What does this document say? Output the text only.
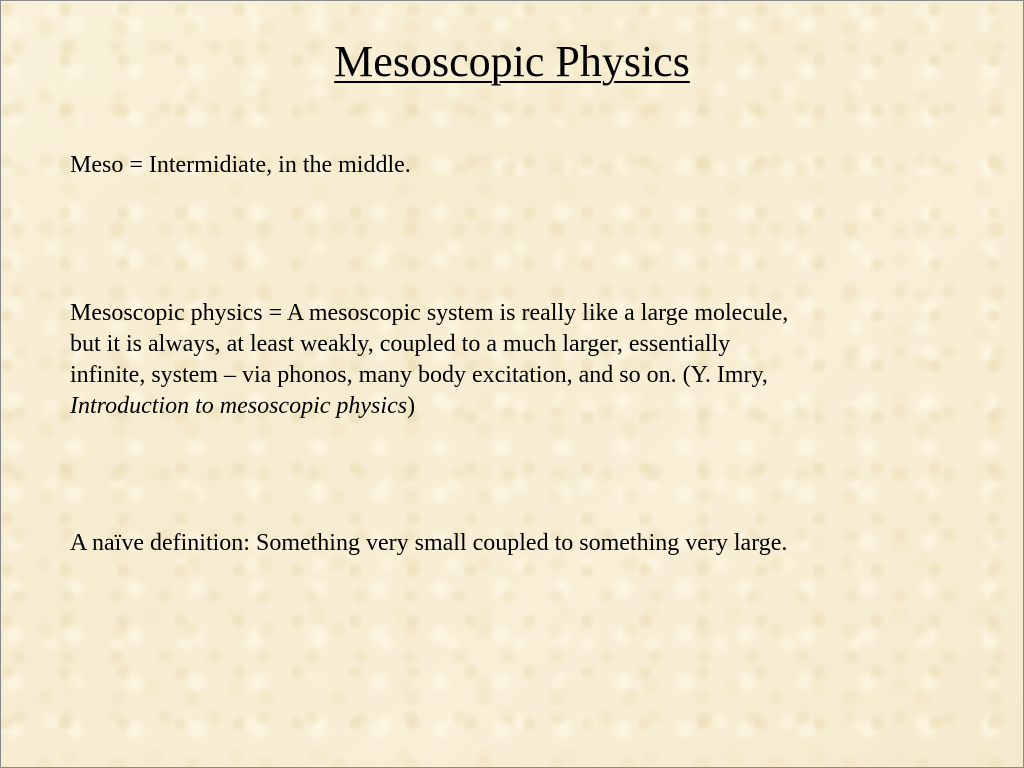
Mesoscopic Physics
Meso = Intermidiate, in the middle.
Mesoscopic physics = A mesoscopic system is really like a large molecule,
but it is always, at least weakly, coupled to a much larger, essentially
infinite, system – via phonos, many body excitation, and so on. (Y. Imry,
Introduction to mesoscopic physics)
A naïve definition: Something very small coupled to something very large.
